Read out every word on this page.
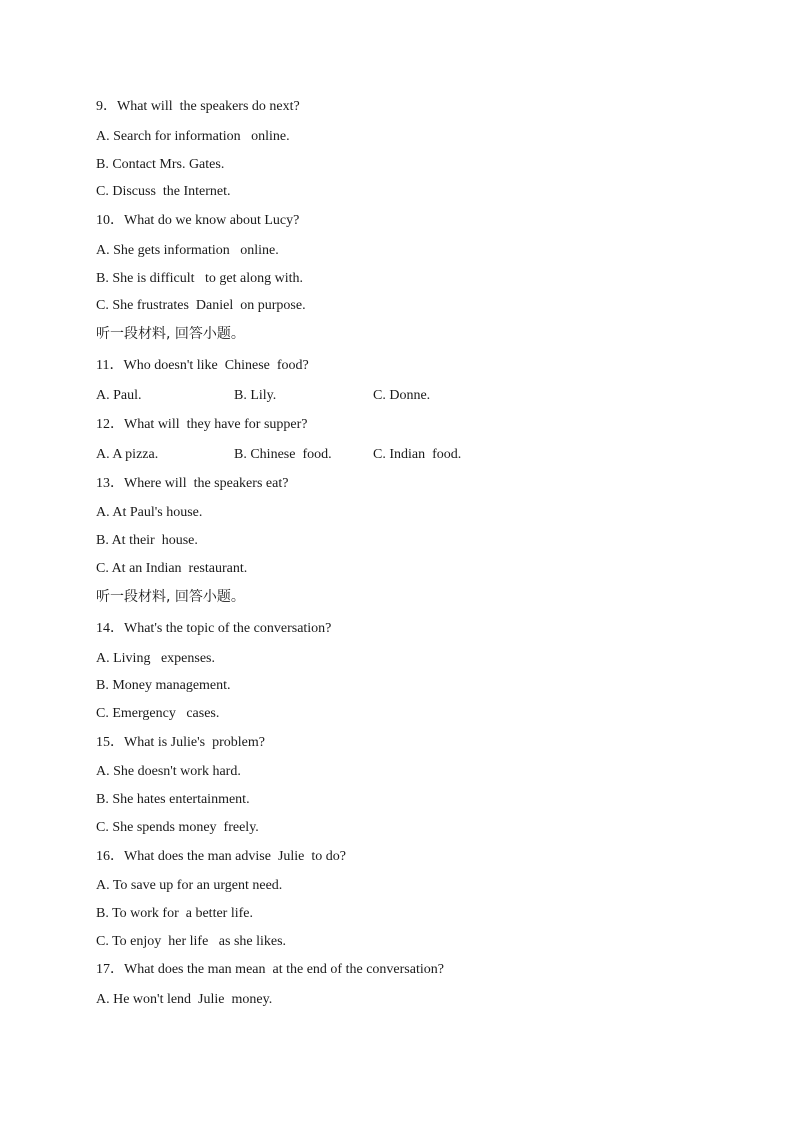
9．What will  the speakers do next?
A. Search for information   online.
B. Contact Mrs. Gates.
C. Discuss  the Internet.
10．What do we know about Lucy?
A. She gets information   online.
B. She is difficult   to get along with.
C. She frustrates  Daniel  on purpose.
听一段材料, 回答小题。
11．Who doesn't like  Chinese  food?

A. Paul.

	B. Lily.

	C. Donne.

12．What will  they have for supper?

A. A pizza.

	B. Chinese  food.

	C. Indian  food.

13．Where will  the speakers eat?
A. At Paul's house.
B. At their  house.
C. At an Indian  restaurant.
听一段材料, 回答小题。
14．What's the topic of the conversation?
A. Living   expenses.
B. Money management.
C. Emergency   cases.
15．What is Julie's  problem?
A. She doesn't work hard.
B. She hates entertainment.
C. She spends money  freely.
16．What does the man advise  Julie  to do?
A. To save up for an urgent need.
B. To work for  a better life.
C. To enjoy  her life   as she likes.
17．What does the man mean  at the end of the conversation?
A. He won't lend  Julie  money.
